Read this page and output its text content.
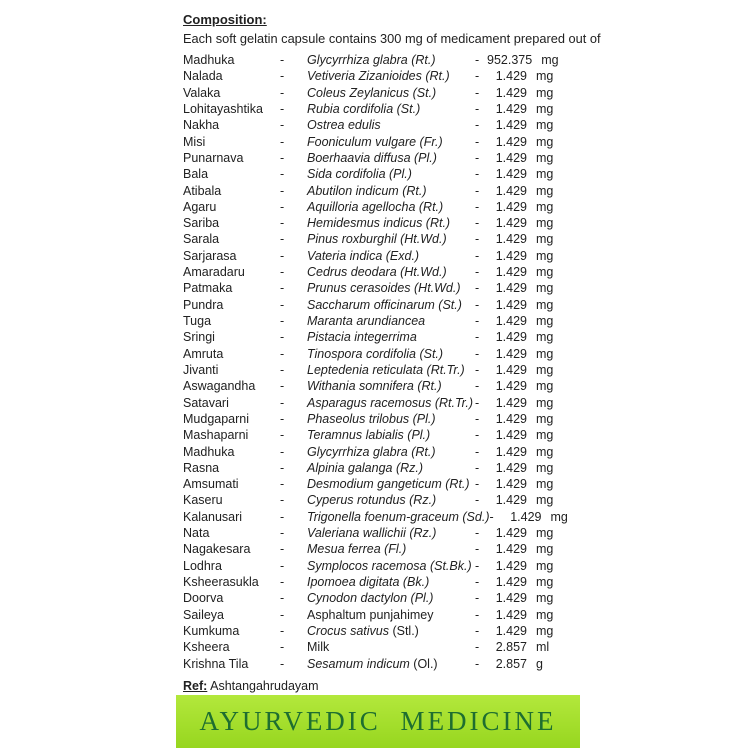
Composition:
Each soft gelatin capsule contains 300 mg of medicament prepared out of
Madhuka	-	Glycyrrhiza glabra (Rt.)	- 952.375 mg
Nalada	-	Vetiveria Zizanioides (Rt.)	-	1.429 mg
Valaka	-	Coleus Zeylanicus (St.)	-	1.429 mg
Lohitayashtika	-	Rubia cordifolia (St.)	-	1.429 mg
Nakha	-	Ostrea edulis	-	1.429 mg
Misi	-	Fooniculum vulgare (Fr.)	-	1.429 mg
Punarnava	-	Boerhaavia diffusa (Pl.)	-	1.429 mg
Bala	-	Sida cordifolia (Pl.)	-	1.429 mg
Atibala	-	Abutilon indicum (Rt.)	-	1.429 mg
Agaru	-	Aquilloria agellocha (Rt.)	-	1.429 mg
Sariba	-	Hemidesmus indicus (Rt.)	-	1.429 mg
Sarala	-	Pinus roxburghil (Ht.Wd.)	-	1.429 mg
Sarjarasa	-	Vateria indica (Exd.)	-	1.429 mg
Amaradaru	-	Cedrus deodara (Ht.Wd.)	-	1.429 mg
Patmaka	-	Prunus cerasoides (Ht.Wd.)	-	1.429 mg
Pundra	-	Saccharum officinarum (St.)	-	1.429 mg
Tuga	-	Maranta arundiancea	-	1.429 mg
Sringi	-	Pistacia integerrima	-	1.429 mg
Amruta	-	Tinospora cordifolia (St.)	-	1.429 mg
Jivanti	-	Leptedenia reticulata (Rt.Tr.) -	1.429 mg
Aswagandha	-	Withania somnifera (Rt.)	-	1.429 mg
Satavari	-	Asparagus racemosus (Rt.Tr.) -	1.429 mg
Mudgaparni	-	Phaseolus trilobus (Pl.)	-	1.429 mg
Mashaparni	-	Teramnus labialis (Pl.)	-	1.429 mg
Madhuka	-	Glycyrrhiza glabra (Rt.)	-	1.429 mg
Rasna	-	Alpinia galanga (Rz.)	-	1.429 mg
Amsumati	-	Desmodium gangeticum (Rt.) -	1.429 mg
Kaseru	-	Cyperus rotundus (Rz.)	-	1.429 mg
Kalanusari	-	Trigonella foenum-graceum (Sd.) -	1.429 mg
Nata	-	Valeriana wallichii (Rz.)	-	1.429 mg
Nagakesara	-	Mesua ferrea (Fl.)	-	1.429 mg
Lodhra	-	Symplocos racemosa (St.Bk.) -	1.429 mg
Ksheerasukla	-	Ipomoea digitata (Bk.)	-	1.429 mg
Doorva	-	Cynodon dactylon (Pl.)	-	1.429 mg
Saileya	-	Asphaltum punjahimey	-	1.429 mg
Kumkuma	-	Crocus sativus (Stl.)	-	1.429 mg
Ksheera	-	Milk	-	2.857 ml
Krishna Tila	-	Sesamum indicum (Ol.)	-	2.857 g
Ref: Ashtangahrudayam
AYURVEDIC MEDICINE
